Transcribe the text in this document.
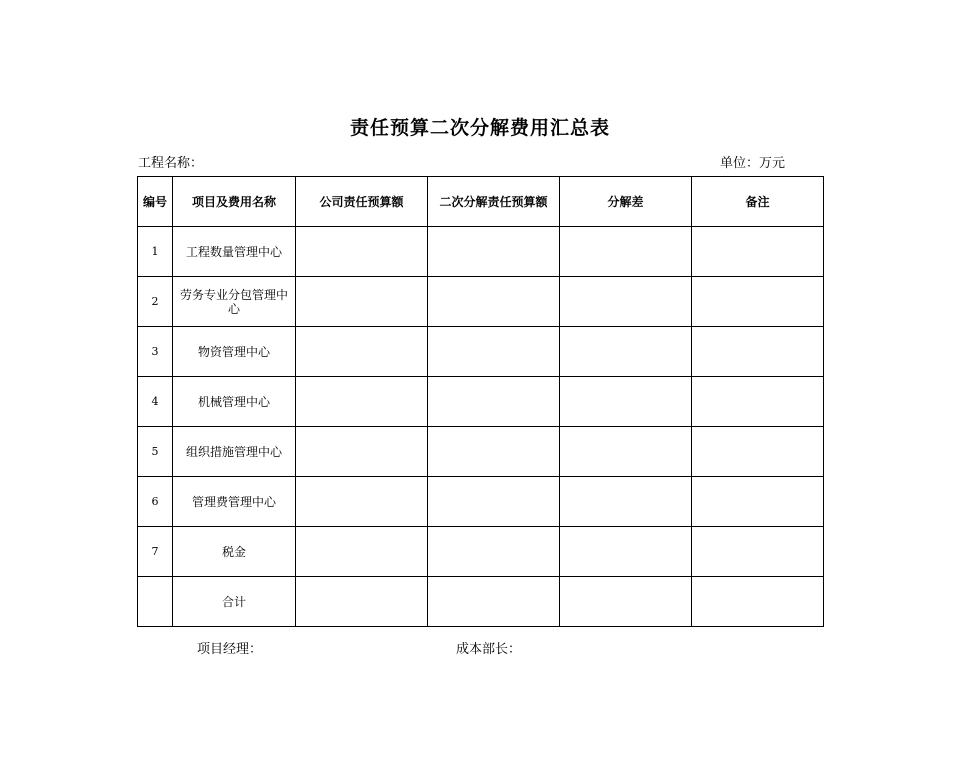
责任预算二次分解费用汇总表
工程名称：	单位：万元
编号	项目及费用名称	公司责任预算额	二次分解责任预算额	分解差	备注
1	工程数量管理中心				
2	劳务专业分包管理中心				
3	物资管理中心				
4	机械管理中心				
5	组织措施管理中心				
6	管理费管理中心				
7	税金				
	合计				
项目经理：	成本部长：
